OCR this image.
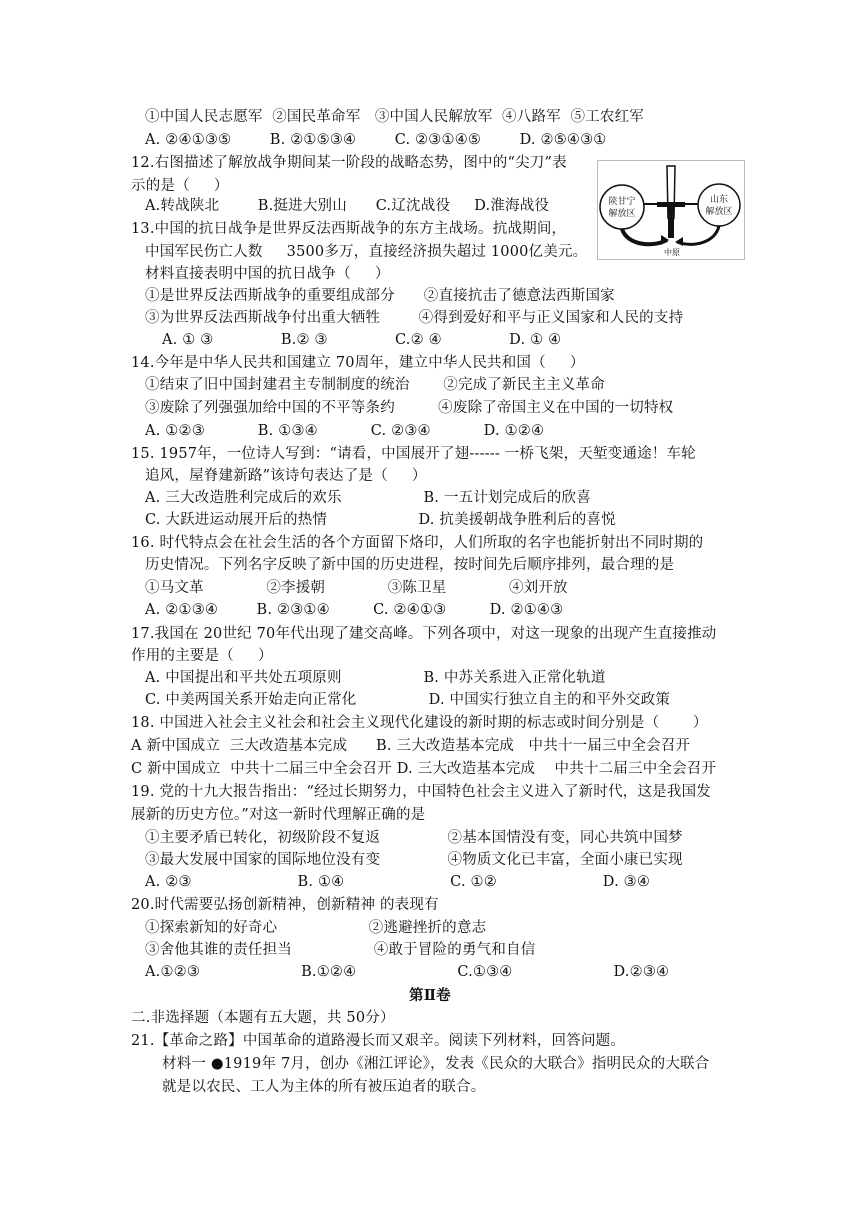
①中国人民志愿军  ②国民革命军   ③中国人民解放军  ④八路军  ⑤工农红军
A. ②④①③⑤        B. ②①⑤③④        C. ②③①④⑤        D. ②⑤④③①
12.右图描述了解放战争期间某一阶段的战略态势，图中的“尖刀”表
示的是（     ）
A.转战陕北        B.挺进大别山      C.辽沈战役     D.淮海战役
13.中国的抗日战争是世界反法西斯战争的东方主战场。抗战期间，
中国军民伤亡人数     3500多万，直接经济损失超过 1000亿美元。
材料直接表明中国的抗日战争（     ）
①是世界反法西斯战争的重要组成部分      ②直接抗击了德意法西斯国家
③为世界反法西斯战争付出重大牺牲        ④得到爱好和平与正义国家和人民的支持
A. ① ③              B.② ③              C.② ④              D. ① ④
14.今年是中华人民共和国建立 70周年，建立中华人民共和国（     ）
①结束了旧中国封建君主专制制度的统治       ②完成了新民主主义革命
③废除了列强强加给中国的不平等条约         ④废除了帝国主义在中国的一切特权
A. ①②③           B. ①③④           C. ②③④           D. ①②④
15. 1957年，一位诗人写到：“请看，中国展开了翅------ 一桥飞架，天堑变通途！车轮
追风，屋脊建新路”该诗句表达了是（     ）
A. 三大改造胜利完成后的欢乐                 B. 一五计划完成后的欣喜
C. 大跃进运动展开后的热情                   D. 抗美援朝战争胜利后的喜悦
16. 时代特点会在社会生活的各个方面留下烙印，人们所取的名字也能折射出不同时期的
历史情况。下列名字反映了新中国的历史进程，按时间先后顺序排列，最合理的是
①马文革             ②李援朝             ③陈卫星             ④刘开放
A. ②①③④        B. ②③①④         C. ②④①③         D. ②①④③
17.我国在 20世纪 70年代出现了建交高峰。下列各项中，对这一现象的出现产生直接推动
作用的主要是（     ）
A. 中国提出和平共处五项原则                 B. 中苏关系进入正常化轨道
C. 中美两国关系开始走向正常化               D. 中国实行独立自主的和平外交政策
18. 中国进入社会主义社会和社会主义现代化建设的新时期的标志或时间分别是（       ）
A 新中国成立  三大改造基本完成      B. 三大改造基本完成   中共十一届三中全会召开
C 新中国成立  中共十二届三中全会召开 D. 三大改造基本完成    中共十二届三中全会召开
19. 党的十九大报告指出：“经过长期努力，中国特色社会主义进入了新时代，这是我国发
展新的历史方位。”对这一新时代理解正确的是
①主要矛盾已转化，初级阶段不复返              ②基本国情没有变，同心共筑中国梦
③最大发展中国家的国际地位没有变              ④物质文化已丰富，全面小康已实现
A. ②③                      B. ①④                      C. ①②                      D. ③④
20.时代需要弘扬创新精神，创新精神 的表现有
①探索新知的好奇心                   ②逃避挫折的意志
③舍他其谁的责任担当                 ④敢于冒险的勇气和自信
A.①②③                     B.①②④                     C.①③④                     D.②③④
第Ⅱ卷
二.非选择题（本题有五大题，共 50分）
21.【革命之路】中国革命的道路漫长而又艰辛。阅读下列材料，回答问题。
材料一 ●1919年 7月，创办《湘江评论》，发表《民众的大联合》指明民众的大联合
就是以农民、工人为主体的所有被压迫者的联合。
陕甘宁
解放区
山东
解放区
中原
